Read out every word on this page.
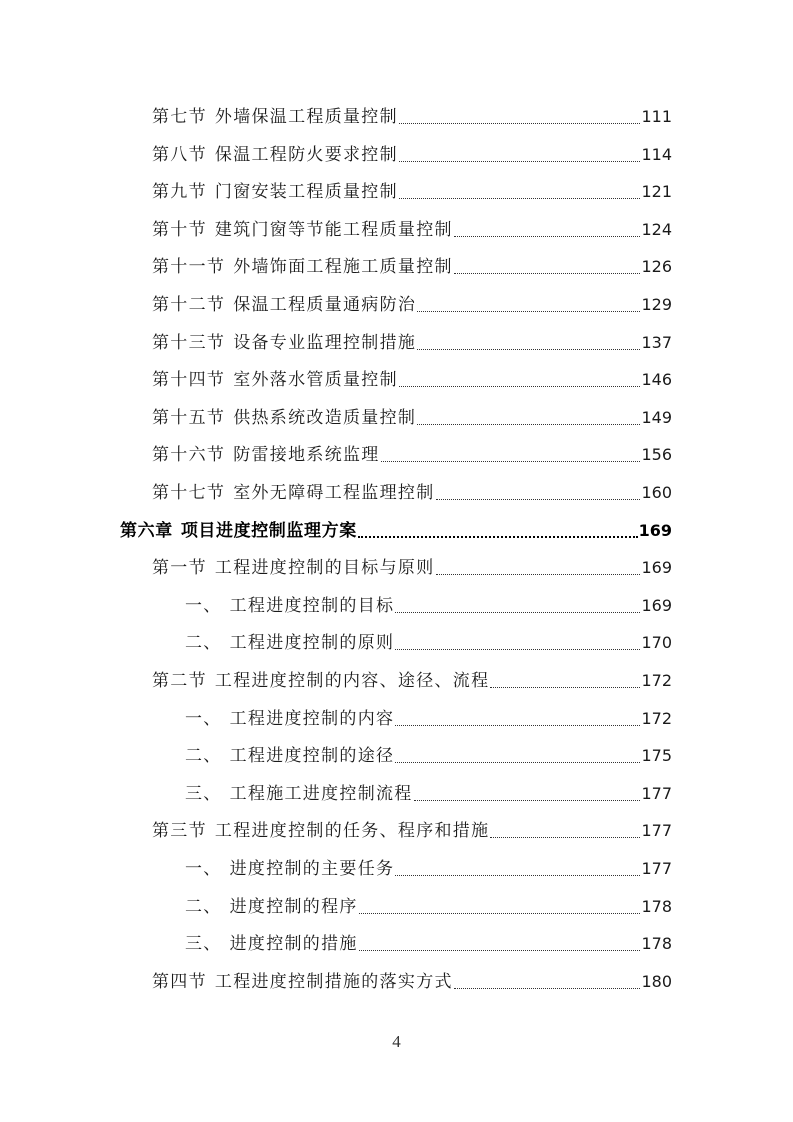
第七节 外墙保温工程质量控制	111
第八节 保温工程防火要求控制	114
第九节 门窗安装工程质量控制	121
第十节 建筑门窗等节能工程质量控制	124
第十一节 外墙饰面工程施工质量控制	126
第十二节 保温工程质量通病防治	129
第十三节 设备专业监理控制措施	137
第十四节 室外落水管质量控制	146
第十五节 供热系统改造质量控制	149
第十六节 防雷接地系统监理	156
第十七节 室外无障碍工程监理控制	160
第六章 项目进度控制监理方案	169
第一节 工程进度控制的目标与原则	169
一、 工程进度控制的目标	169
二、 工程进度控制的原则	170
第二节 工程进度控制的内容、途径、流程	172
一、 工程进度控制的内容	172
二、 工程进度控制的途径	175
三、 工程施工进度控制流程	177
第三节 工程进度控制的任务、程序和措施	177
一、 进度控制的主要任务	177
二、 进度控制的程序	178
三、 进度控制的措施	178
第四节 工程进度控制措施的落实方式	180
4
